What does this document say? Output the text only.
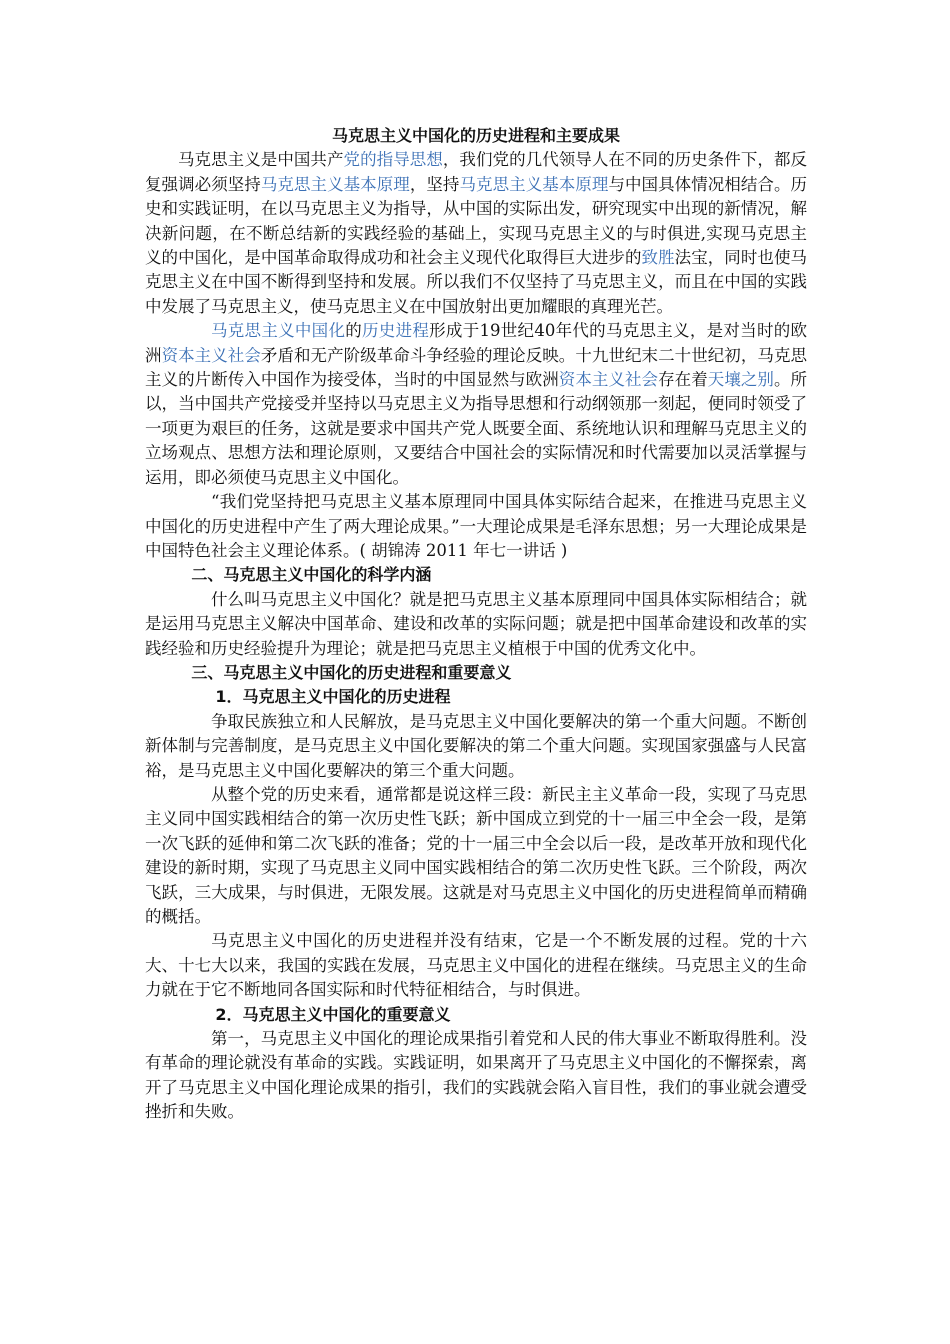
马克思主义中国化的历史进程和主要成果

马克思主义是中国共产党的指导思想，我们党的几代领导人在不同的历史条件下，都反复强调必须坚持马克思主义基本原理，坚持马克思主义基本原理与中国具体情况相结合。历史和实践证明，在以马克思主义为指导，从中国的实际出发，研究现实中出现的新情况，解决新问题，在不断总结新的实践经验的基础上，实现马克思主义的与时俱进,实现马克思主义的中国化，是中国革命取得成功和社会主义现代化取得巨大进步的致胜法宝，同时也使马克思主义在中国不断得到坚持和发展。所以我们不仅坚持了马克思主义，而且在中国的实践中发展了马克思主义，使马克思主义在中国放射出更加耀眼的真理光芒。

马克思主义中国化的历史进程形成于19世纪40年代的马克思主义，是对当时的欧洲资本主义社会矛盾和无产阶级革命斗争经验的理论反映。十九世纪末二十世纪初，马克思主义的片断传入中国作为接受体，当时的中国显然与欧洲资本主义社会存在着天壤之别。所以，当中国共产党接受并坚持以马克思主义为指导思想和行动纲领那一刻起，便同时领受了一项更为艰巨的任务，这就是要求中国共产党人既要全面、系统地认识和理解马克思主义的立场观点、思想方法和理论原则，又要结合中国社会的实际情况和时代需要加以灵活掌握与运用，即必须使马克思主义中国化。

“我们党坚持把马克思主义基本原理同中国具体实际结合起来，在推进马克思主义中国化的历史进程中产生了两大理论成果。”一大理论成果是毛泽东思想；另一大理论成果是中国特色社会主义理论体系。( 胡锦涛 2011 年七一讲话 )

二、马克思主义中国化的科学内涵

什么叫马克思主义中国化？就是把马克思主义基本原理同中国具体实际相结合；就是运用马克思主义解决中国革命、建设和改革的实际问题；就是把中国革命建设和改革的实践经验和历史经验提升为理论；就是把马克思主义植根于中国的优秀文化中。

三、马克思主义中国化的历史进程和重要意义

1．马克思主义中国化的历史进程

争取民族独立和人民解放，是马克思主义中国化要解决的第一个重大问题。不断创新体制与完善制度，是马克思主义中国化要解决的第二个重大问题。实现国家强盛与人民富裕，是马克思主义中国化要解决的第三个重大问题。

从整个党的历史来看，通常都是说这样三段：新民主主义革命一段，实现了马克思主义同中国实践相结合的第一次历史性飞跃；新中国成立到党的十一届三中全会一段，是第一次飞跃的延伸和第二次飞跃的准备；党的十一届三中全会以后一段，是改革开放和现代化建设的新时期，实现了马克思主义同中国实践相结合的第二次历史性飞跃。三个阶段，两次飞跃，三大成果，与时俱进，无限发展。这就是对马克思主义中国化的历史进程简单而精确的概括。

马克思主义中国化的历史进程并没有结束，它是一个不断发展的过程。党的十六大、十七大以来，我国的实践在发展，马克思主义中国化的进程在继续。马克思主义的生命力就在于它不断地同各国实际和时代特征相结合，与时俱进。

2．马克思主义中国化的重要意义

第一，马克思主义中国化的理论成果指引着党和人民的伟大事业不断取得胜利。没有革命的理论就没有革命的实践。实践证明，如果离开了马克思主义中国化的不懈探索，离开了马克思主义中国化理论成果的指引，我们的实践就会陷入盲目性，我们的事业就会遭受挫折和失败。
